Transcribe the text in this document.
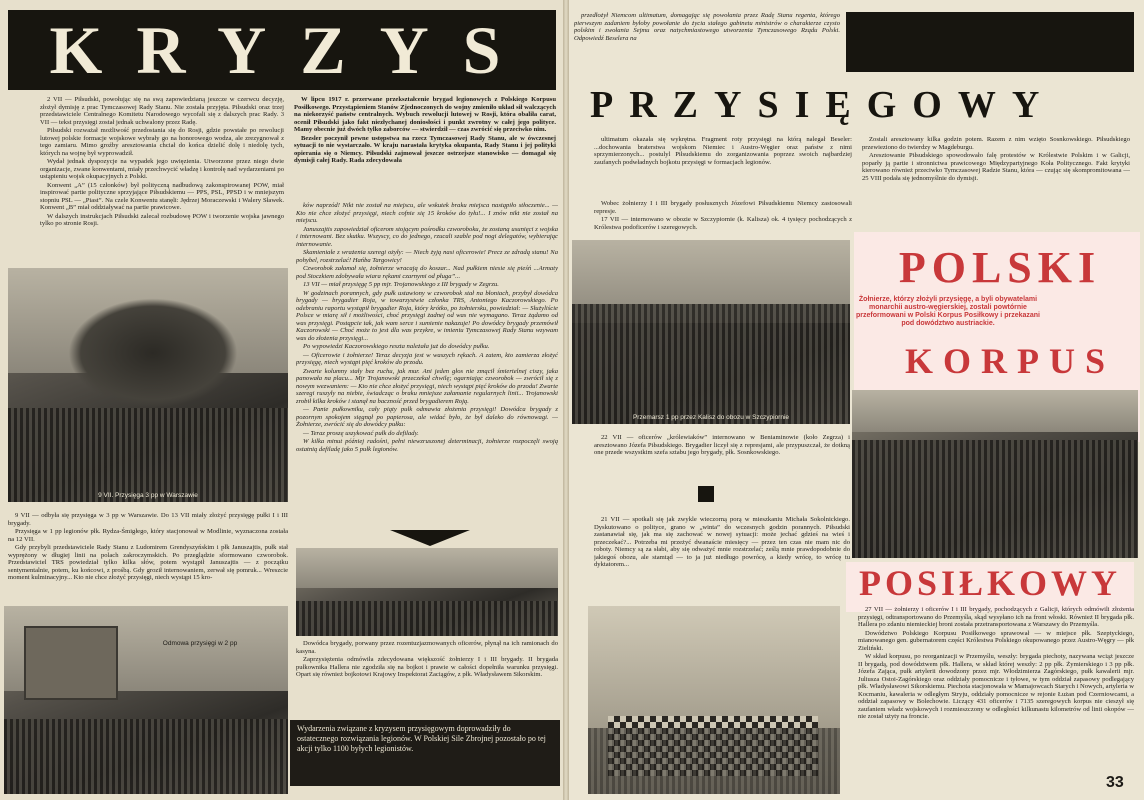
KRYZYS

2 VII — Piłsudski, powołując się na swą zapowiedzianą jeszcze w czerwcu decyzję, złożył dymisję z prac Tymczasowej Rady Stanu. Nie została przyjęta. Piłsudski oraz trzej przedstawiciele Centralnego Komitetu Narodowego wycofali się z dalszych prac Rady. 3 VII — tekst przysięgi został jednak uchwalony przez Radę.

Piłsudski rozważał możliwość przedostania się do Rosji, gdzie powstałe po rewolucji lutowej polskie formacje wojskowe wybrały go na honorowego wodza, ale zrezygnował z tego zamiaru. Mimo groźby aresztowania chciał do końca dzielić dolę i niedolę tych, których na wojnę był wyprowadził.

Wydał jednak dyspozycje na wypadek jego uwięzienia. Utworzone przez niego dwie organizacje, zwane konwentami, miały przechwycić władzę i kontrolę nad wydarzeniami po ustąpieniu wojsk okupacyjnych z Polski.

Konwent „A” (15 członków) był polityczną nadbudową zakonspirowanej POW, miał inspirować partie polityczne sprzyjające Piłsudskiemu — PPS, PSL, PPSD i w mniejszym stopniu PSL — „Piast”. Na czele Konwentu stanęli: Jędrzej Moraczewski i Walery Sławek. Konwent „B” miał oddziaływać na partie prawicowe.

W dalszych instrukcjach Piłsudski zalecał rozbudowę POW i tworzenie wojska jawnego tylko po stronie Rosji.

W lipcu 1917 r. przerwane przekształcenie brygad legionowych z Polskiego Korpusu Posiłkowego. Przystąpieniem Stanów Zjednoczonych do wojny zmieniło układ sił walczących na niekorzyść państw centralnych. Wybuch rewolucji lutowej w Rosji, która obaliła carat, ocenił Piłsudski jako fakt niezłychanej doniosłości i punkt zwrotny w całej jego polityce. Mamy obecnie już dwóch tylko zaborców — stwierdził — czas zwrócić się przeciwko nim.

Bezsler poczynił pewne ustępstwa na rzecz Tymczasowej Rady Stanu, ale w ówczesnej sytuacji to nie wystarczało. W kraju narastała krytyka okupanta, Rady Stanu i jej polityki opierania się o Niemcy. Piłsudski zajmował jeszcze ostrzejsze stanowisko — domagał się dymisji całej Rady. Rada zdecydowała

9 VII. Przysięga 3 pp w Warszawie

9 VII — odbyła się przysięga w 3 pp w Warszawie. Do 13 VII miały złożyć przysięgę pułki I i III brygady.

Przysięga w 1 pp legionów płk. Rydza-Śmigłego, który stacjonował w Modlinie, wyznaczona została na 12 VII.

Gdy przybyli przedstawiciele Rady Stanu z Ludomirem Grendyszyńskim i płk Januszajtis, pułk stał wyprężony w długiej linii na polach zakroczymskich. Po przeglądzie sformowano czworobok. Przedstawiciel TRS powiedział tylko kilka słów, potem wystąpił Januszajtis — z początku sentymentalnie, potem, ku końcowi, z prośbą. Gdy groził internowaniem, zerwał się pomruk... Wreszcie moment kulminacyjny... Kto nie chce złożyć przysięgi, niech wystąpi 15 kro-

ków naprzód! Nikt nie został na miejscu, ale wskutek braku miejsca nastąpiło stłoczenie... — Kto nie chce złożyć przysięgi, niech cofnie się 15 kroków do tyłu!... I znów nikt nie został na miejscu.

Januszajtis zapowiedział oficerom stojącym pośrodku czworoboku, że zostaną usunięci z wojska i internowani. Bez skutku. Wszyscy, co do jednego, rzucali szable pod nogi delegatów, wybierając internowanie.

Skamieniałe z wrażenia szeregi ożyły: — Niech żyją nasi oficerowie! Precz ze zdradą stanu! Na pohybel, rozstrzelać! Hańba Targowicy!

Czworobok załamał się, żołnierze wracają do koszar... Nad pułkiem niesie się pieśń ...Armaty pod Stoczkiem zdobywała wiara rękami czarnymi od pługa”...

13 VII — miał przysięgę 5 pp mjr. Trojanowskiego z III brygady w Zegrzu.

W godzinach porannych, gdy pułk ustawiony w czworobok stał na błoniach, przybył dowódca brygady — brygadier Roja, w towarzystwie członka TRS, Antoniego Kaczorowskiego. Po odebraniu raportu wystąpił brygadier Roja, który krótko, po żołniersku, powiedział: — Służyliście Polsce w miarę sił i możliwości, choć przysięgi żadnej od was nie wymagano. Teraz żądamo od was przysięgi. Postąpcie tak, jak wam serce i sumienie nakazuje! Po dowódcy brygady przemówił Kaczorowski — Choć może to jest dla was przykre, w imieniu Tymczasowej Rady Stanu wzywam was do złożenia przysięgi...

Po wypowiedzi Kaczorowskiego reszta należała już do dowódcy pułku.

— Oficerowie i żołnierze! Teraz decyzja jest w waszych rękach. A zatem, kto zamierza złożyć przysięgę, niech wystąpi pięć kroków do przodu.

Zwarte kolumny stały bez ruchu, jak mur. Ani jeden głos nie zmącił śmiertelnej ciszy, jaka panowała na placu... Mjr Trojanowski przeczekał chwilę; ogarniając czworobok — zwrócił się z nowym wezwaniem: — Kto nie chce złożyć przysięgi, niech wystąpi pięć kroków do przodu! Zwarte szeregi ruszyły na niebie, świadcząc o braku mniejsze załamanie regularnych linii... Trojanowski zrobił kilka kroków i stanął na baczność przed brygadierem Roją.

— Panie pułkowniku, cały piąty pułk odmawia złożenia przysięgi! Dowódca brygady z pozornym spokojem sięgnął po papierosa, ale widać było, że był daleko do równowagi. — Żołnierze, zwrócić się do dowódcy pułku:

— Teraz proszę uszykować pułk do defilady.

W kilka minut później radośni, pełni niewzruszonej determinacji, żołnierze rozpoczęli swoją ostatnią defiladę jako 5 pułk legionów.

Odmowa przysięgi w 2 pp	Dowódca brygady, porwany przez rozentuzjazmowanych oficerów, płynął na ich ramionach do kasyna.

Zaprzysiężenia odmówiła zdecydowana większość żołnierzy I i III brygady. II brygada pułkownika Hallera nie zgodziła się na bojkot i prawie w całości dopełniła warunku przysięgi. Opart się również bojkotowi Krajowy Inspektorat Zaciągów, z płk. Władysławem Sikorskim.

Wydarzenia związane z kryzysem przysięgowym doprowadziły do ostatecznego rozwiązania legionów. W Polskiej Sile Zbrojnej pozostało po tej akcji tylko 1100 byłych legionistów.

przedłożył Niemcom ultimatum, domagając się powołania przez Radę Stanu regenta, którego pierwszym zadaniem byłoby powołanie do życia stałego gabinetu ministrów o charakterze czysto polskim i zwołania Sejmu oraz natychmiastowego utworzenia Tymczasowego Rządu Polski. Odpowiedź Beselera na

PRZYSIĘGOWY

ultimatum okazała się wykrętna. Fragment roty przysięgi na którą nalegał Beseler: ...dochowania braterstwa wojskom Niemiec i Austro-Węgier oraz państw z nimi sprzymierzonych... postulyl Piłsudskiemu do zorganizowania poprzez swoich najbardziej zaufanych podwładnych bojkotu przysięgi w formacjach legionów.

Zostali aresztowany kilka godzin potem. Razem z nim wzięto Sosnkowskiego. Piłsudskiego przewieziono do twierdzy w Magdeburgu.

Aresztowanie Piłsudskiego spowodowało falę protestów w Królestwie Polskim i w Galicji, poparły ją partie i stronnictwa prawicowego Międzypartyjnego Koła Politycznego. Fakt krytyki kierowano również przeciwko Tymczasowej Radzie Stanu, która — czując się skompromitowana — 25 VIII podała się jednomyślnie do dymisji.

Wobec żołnierzy I i III brygady posłusznych Józefowi Piłsudskiemu Niemcy zastosowali represje.

17 VII — internowano w obozie w Szczypiornie (k. Kalisza) ok. 4 tysięcy pochodzących z Królestwa podoficerów i szeregowych.

Przemarsz 1 pp przez Kalisz do obozu w Szczypiornie
POLSKI
Żołnierze, którzy złożyli przysięgę, a byli obywatelami monarchii austro-węgierskiej, zostali powtórnie przeformowani w Polski Korpus Posiłkowy i przekazani pod dowództwo austriackie.
KORPUS

22 VII — oficerów „królewiaków” internowano w Beniaminowie (koło Zegrza) i aresztowano Józefa Piłsudskiego. Brygadier liczył się z represjami, ale przypuszczał, że dotkną one przede wszystkim szefa sztabu jego brygady, płk. Sosnkowskiego.

21 VII — spotkali się jak zwykle wieczorną porą w mieszkaniu Michała Sokolnickiego. Dyskutowano o polityce, grano w „winta” do wczesnych godzin porannych. Piłsudski zastanawiał się, jak ma się zachować w nowej sytuacji: może jechać gdzieś na wieś i przeczekać?... Potrzeba mi przeżyć dwanaście miesięcy — przez ten czas nie mam nic do roboty. Niemcy są za słabi, aby się odważyć mnie rozstrzelać; ześlą mnie prawdopodobnie do jakiegoś obozu, ale stamtąd — to ja już niedługo powrócę, a kiedy wrócę, to wrócę tu dyktatorem...	POSIŁKOWY

27 VII — żołnierzy i oficerów I i III brygady, pochodzących z Galicji, których odmówili złożenia przysięgi, odtransportowano do Przemyśla, skąd wysyłano ich na front włoski. Również II brygada płk. Hallera po zdaniu niemieckiej broni została przetransportowana z Warszawy do Przemyśla.

Dowództwo Polskiego Korpusu Posiłkowego sprawował — w miejsce płk. Szeptyckiego, mianowanego gen. gubernatorem części Królestwa Polskiego okupowanego przez Austro-Węgry — płk Zieliński.

W skład korpusu, po reorganizacji w Przemyślu, weszły: brygada piechoty, nazywana wciąż jeszcze II brygadą, pod dowództwem płk. Hallera, w skład której weszły: 2 pp płk. Żymierskiego i 3 pp płk. Józefa Zająca, pułk artylerii dowodzony przez mjr. Włodzimierza Zagórskiego, pułk kawalerii mjr. Juliusza Ostoi-Zagórskiego oraz oddziały pomocnicze i tyłowe, w tym oddział zapasowy podlegający płk. Władysławowi Sikorskiemu. Piechota stacjonowała w Mamajowcach Starych i Nowych, artyleria w Kocmaniu, kawaleria w odległym Stryju, oddziały pomocnicze w rejonie Łużan pod Czerniowcami, a oddział zapasowy w Bolechowie. Liczący 431 oficerów i 7135 szeregowych korpus nie cieszył się zaufaniem władz wojskowych i rozmieszczony w odległości kilkunastu kilometrów od linii okopów — nie został użyty na froncie.

33
